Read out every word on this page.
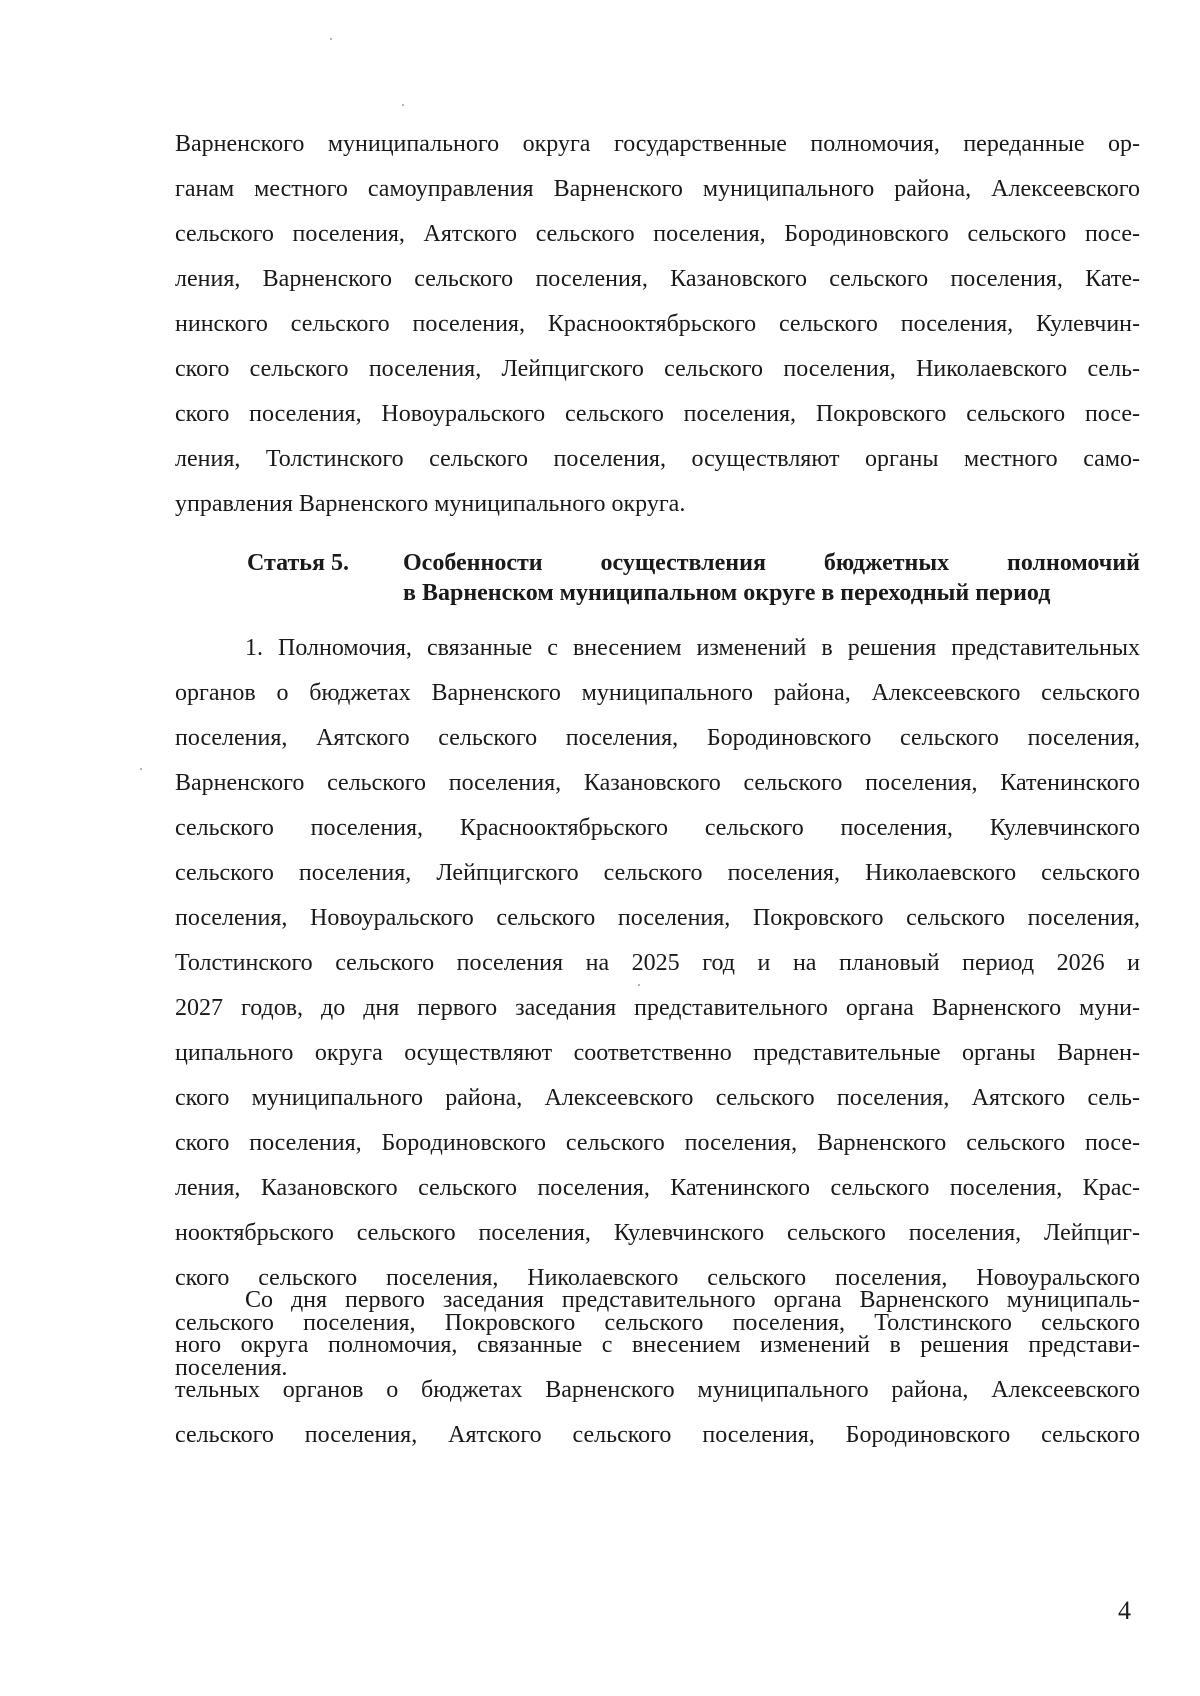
Варненского муниципального округа государственные полномочия, переданные ор-
ганам местного самоуправления Варненского муниципального района, Алексеевского
сельского поселения, Аятского сельского поселения, Бородиновского сельского посе-
ления, Варненского сельского поселения, Казановского сельского поселения, Кате-
нинского сельского поселения, Краснооктябрьского сельского поселения, Кулевчин-
ского сельского поселения, Лейпцигского сельского поселения, Николаевского сель-
ского поселения, Новоуральского сельского поселения, Покровского сельского посе-
ления, Толстинского сельского поселения, осуществляют органы местного само-
управления Варненского муниципального округа.
Статья 5. Особенности осуществления бюджетных полномочий
в Варненском муниципальном округе в переходный период
1. Полномочия, связанные с внесением изменений в решения представительных
органов о бюджетах Варненского муниципального района, Алексеевского сельского
поселения, Аятского сельского поселения, Бородиновского сельского поселения,
Варненского сельского поселения, Казановского сельского поселения, Катенинского
сельского поселения, Краснооктябрьского сельского поселения, Кулевчинского
сельского поселения, Лейпцигского сельского поселения, Николаевского сельского
поселения, Новоуральского сельского поселения, Покровского сельского поселения,
Толстинского сельского поселения на 2025 год и на плановый период 2026 и
2027 годов, до дня первого заседания представительного органа Варненского муни-
ципального округа осуществляют соответственно представительные органы Варнен-
ского муниципального района, Алексеевского сельского поселения, Аятского сель-
ского поселения, Бородиновского сельского поселения, Варненского сельского посе-
ления, Казановского сельского поселения, Катенинского сельского поселения, Крас-
нооктябрьского сельского поселения, Кулевчинского сельского поселения, Лейпциг-
ского сельского поселения, Николаевского сельского поселения, Новоуральского
сельского поселения, Покровского сельского поселения, Толстинского сельского
поселения.
Со дня первого заседания представительного органа Варненского муниципаль-
ного округа полномочия, связанные с внесением изменений в решения представи-
тельных органов о бюджетах Варненского муниципального района, Алексеевского
сельского поселения, Аятского сельского поселения, Бородиновского сельского
4
